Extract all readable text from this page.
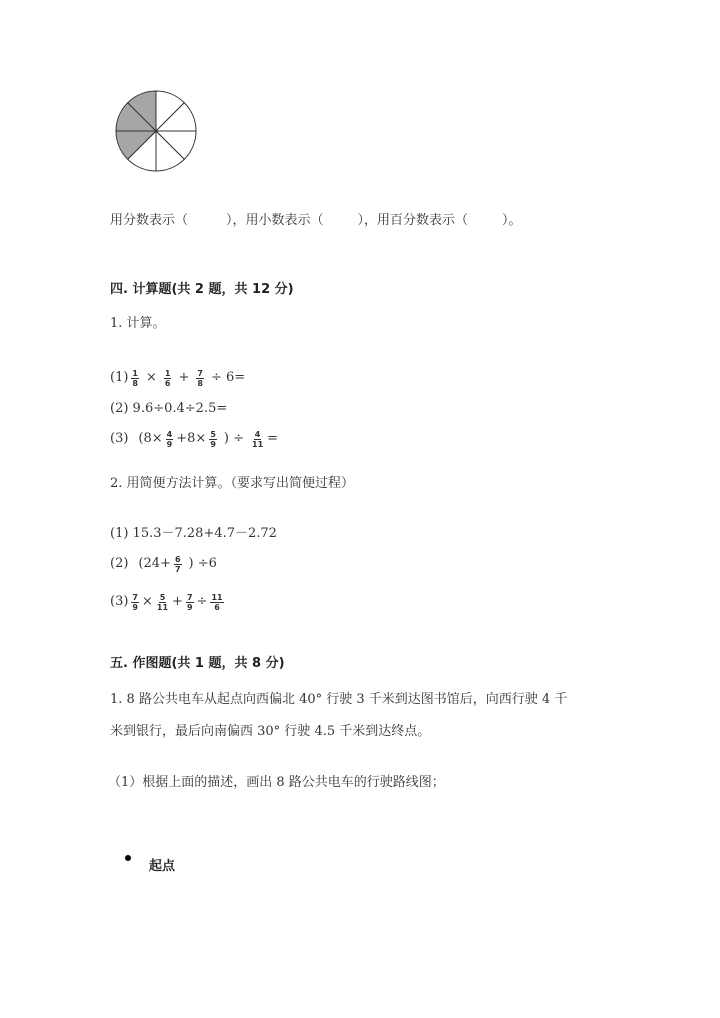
用分数表示（	），用小数表示（	），用百分数表示（	）。
四. 计算题(共 2 题，共 12 分)
1. 计算。
$(1) \frac{1}{8} \times \frac{1}{6} + \frac{7}{8} \div 6=$
(2) 9.6÷0.4÷2.5=
(3) ($8\times \frac{4}{9} +8\times \frac{5}{9}$ ) ÷ $\frac{4}{11}$ =
2. 用简便方法计算。（要求写出简便过程）
(1) 15.3－7.28+4.7－2.72
(2) ($24+ \frac{6}{7}$ ) ÷6
$(3) \frac{7}{9} \times \frac{5}{11} + \frac{7}{9} \div \frac{11}{6}$
五. 作图题(共 1 题，共 8 分)
1. 8 路公共电车从起点向西偏北 40° 行驶 3 千米到达图书馆后，向西行驶 4 千
米到银行，最后向南偏西 30° 行驶 4.5 千米到达终点。
（1）根据上面的描述，画出 8 路公共电车的行驶路线图；
起点
